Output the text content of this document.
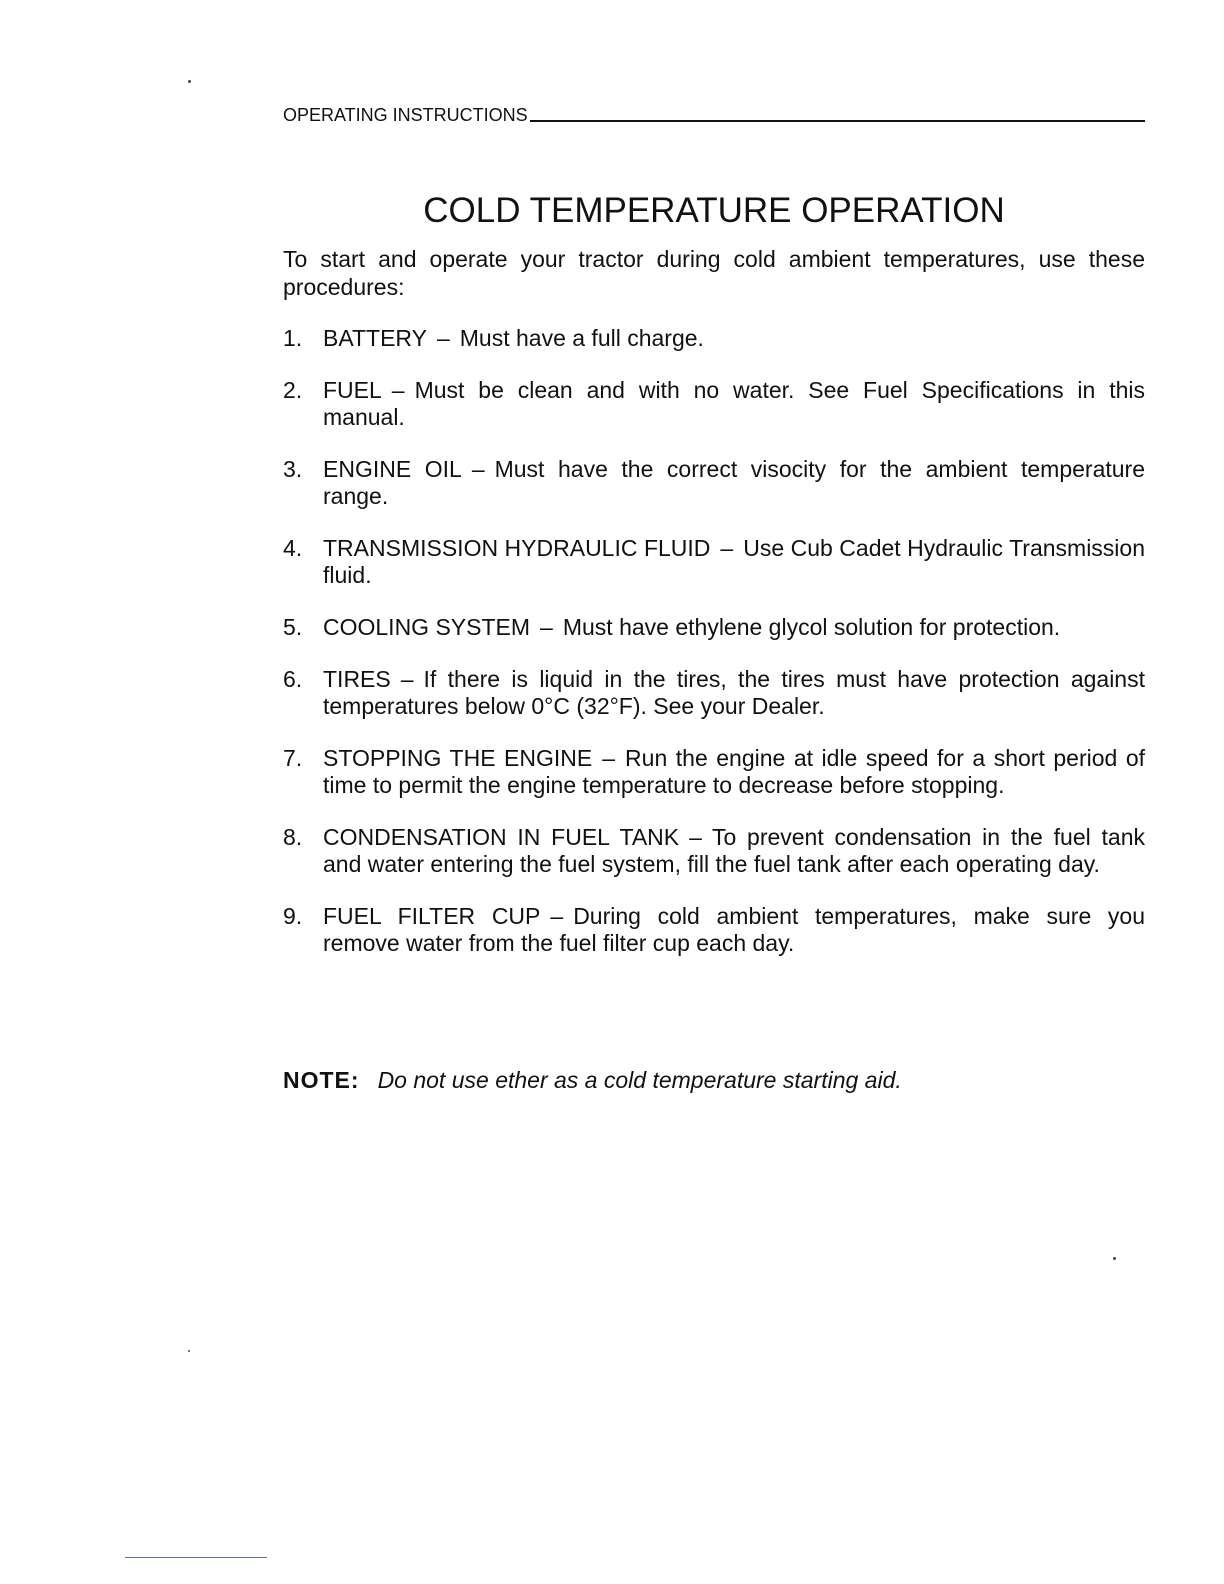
OPERATING INSTRUCTIONS
COLD TEMPERATURE OPERATION
To start and operate your tractor during cold ambient temperatures, use these procedures:
1. BATTERY – Must have a full charge.
2. FUEL – Must be clean and with no water. See Fuel Specifications in this manual.
3. ENGINE OIL – Must have the correct visocity for the ambient temperature range.
4. TRANSMISSION HYDRAULIC FLUID – Use Cub Cadet Hydraulic Transmission fluid.
5. COOLING SYSTEM – Must have ethylene glycol solution for protection.
6. TIRES – If there is liquid in the tires, the tires must have protection against temperatures below 0°C (32°F). See your Dealer.
7. STOPPING THE ENGINE – Run the engine at idle speed for a short period of time to permit the engine temperature to decrease before stopping.
8. CONDENSATION IN FUEL TANK – To prevent condensation in the fuel tank and water entering the fuel system, fill the fuel tank after each operating day.
9. FUEL FILTER CUP – During cold ambient temperatures, make sure you remove water from the fuel filter cup each day.
NOTE: Do not use ether as a cold temperature starting aid.
